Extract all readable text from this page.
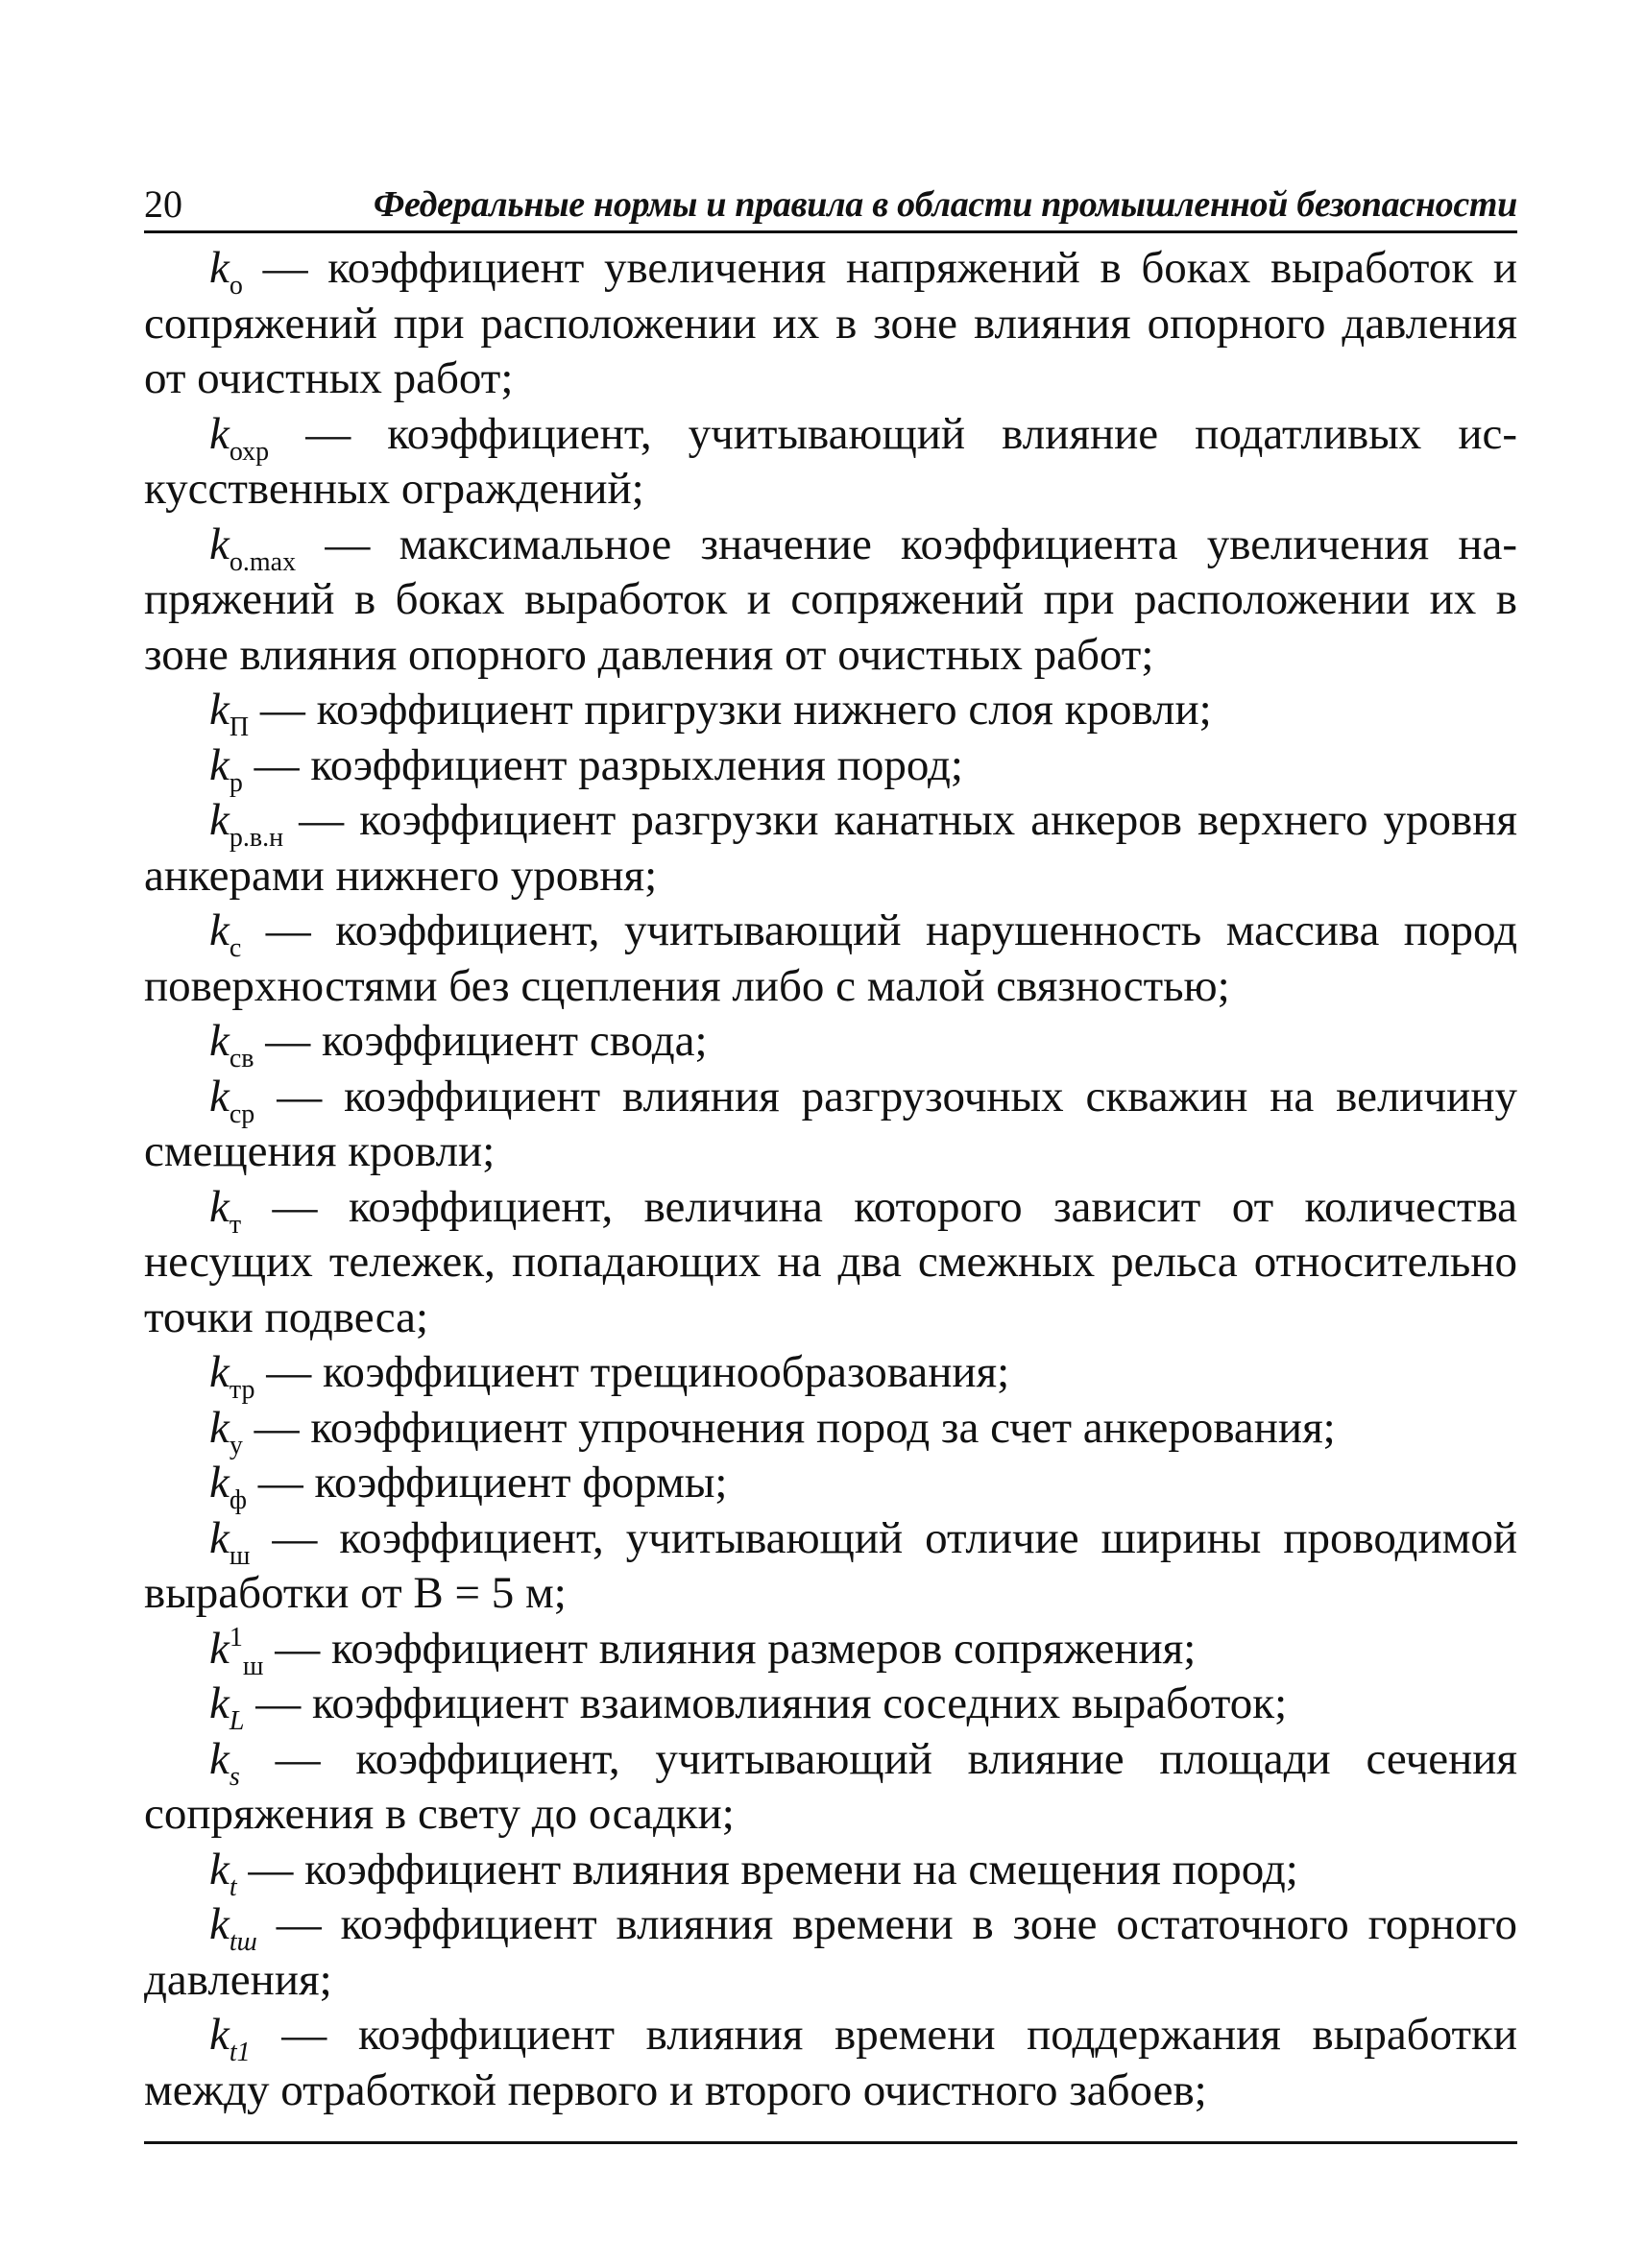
20	Федеральные нормы и правила в области промышленной безопасности

$k_о$ — коэффициент увеличения напряжений в боках выработок и сопряжений при расположении их в зоне влияния опорного давления от очистных работ;

$k_{охр}$ — коэффициент, учитывающий влияние податливых искусственных ограждений;

$k_{о.max}$ — максимальное значение коэффициента увеличения напряжений в боках выработок и сопряжений при расположении их в зоне влияния опорного давления от очистных работ;

$k_П$ — коэффициент пригрузки нижнего слоя кровли;

$k_р$ — коэффициент разрыхления пород;

$k_{р.в.н}$ — коэффициент разгрузки канатных анкеров верхнего уровня анкерами нижнего уровня;

$k_с$ — коэффициент, учитывающий нарушенность массива пород поверхностями без сцепления либо с малой связностью;

$k_{св}$ — коэффициент свода;

$k_{ср}$ — коэффициент влияния разгрузочных скважин на величину смещения кровли;

$k_т$ — коэффициент, величина которого зависит от количества несущих тележек, попадающих на два смежных рельса относительно точки подвеса;

$k_{тр}$ — коэффициент трещинообразования;

$k_у$ — коэффициент упрочнения пород за счет анкерования;

$k_ф$ — коэффициент формы;

$k_ш$ — коэффициент, учитывающий отличие ширины проводимой выработки от B = 5 м;

$k^1_ш$ — коэффициент влияния размеров сопряжения;

$k_L$ — коэффициент взаимовлияния соседних выработок;

$k_s$ — коэффициент, учитывающий влияние площади сечения сопряжения в свету до осадки;

$k_t$ — коэффициент влияния времени на смещения пород;

$k_{tш}$ — коэффициент влияния времени в зоне остаточного горного давления;

$k_{t1}$ — коэффициент влияния времени поддержания выработки между отработкой первого и второго очистного забоев;
